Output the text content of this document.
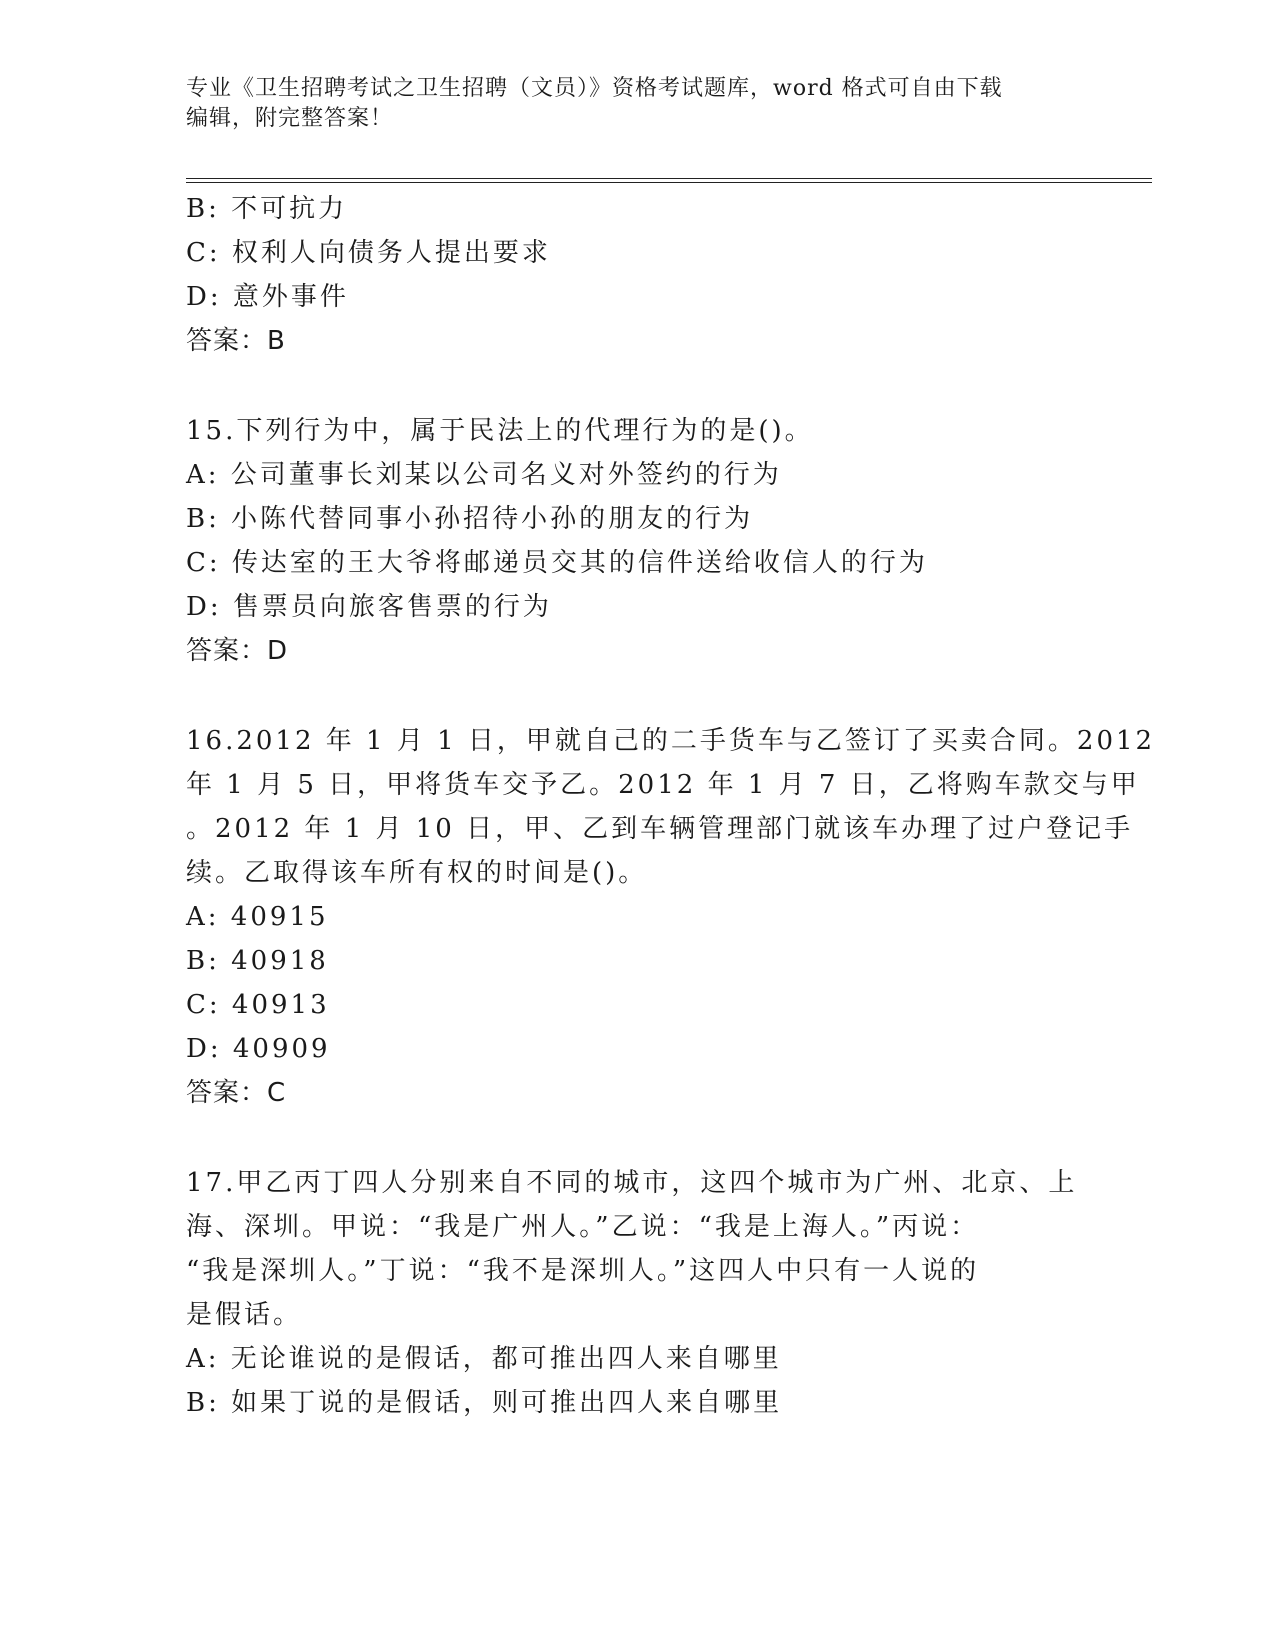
专业《卫生招聘考试之卫生招聘（文员）》资格考试题库，word 格式可自由下载
编辑，附完整答案！
B: 不可抗力
C: 权利人向债务人提出要求
D: 意外事件
答案：B
15.下列行为中，属于民法上的代理行为的是()。
A: 公司董事长刘某以公司名义对外签约的行为
B: 小陈代替同事小孙招待小孙的朋友的行为
C: 传达室的王大爷将邮递员交其的信件送给收信人的行为
D: 售票员向旅客售票的行为
答案：D
16.2012 年 1 月 1 日，甲就自己的二手货车与乙签订了买卖合同。2012
年 1 月 5 日，甲将货车交予乙。2012 年 1 月 7 日，乙将购车款交与甲
。2012 年 1 月 10 日，甲、乙到车辆管理部门就该车办理了过户登记手
续。乙取得该车所有权的时间是()。
A: 40915
B: 40918
C: 40913
D: 40909
答案：C
17.甲乙丙丁四人分别来自不同的城市，这四个城市为广州、北京、上
海、深圳。甲说：“我是广州人。”乙说：“我是上海人。”丙说：
“我是深圳人。”丁说：“我不是深圳人。”这四人中只有一人说的
是假话。
A: 无论谁说的是假话，都可推出四人来自哪里
B: 如果丁说的是假话，则可推出四人来自哪里
